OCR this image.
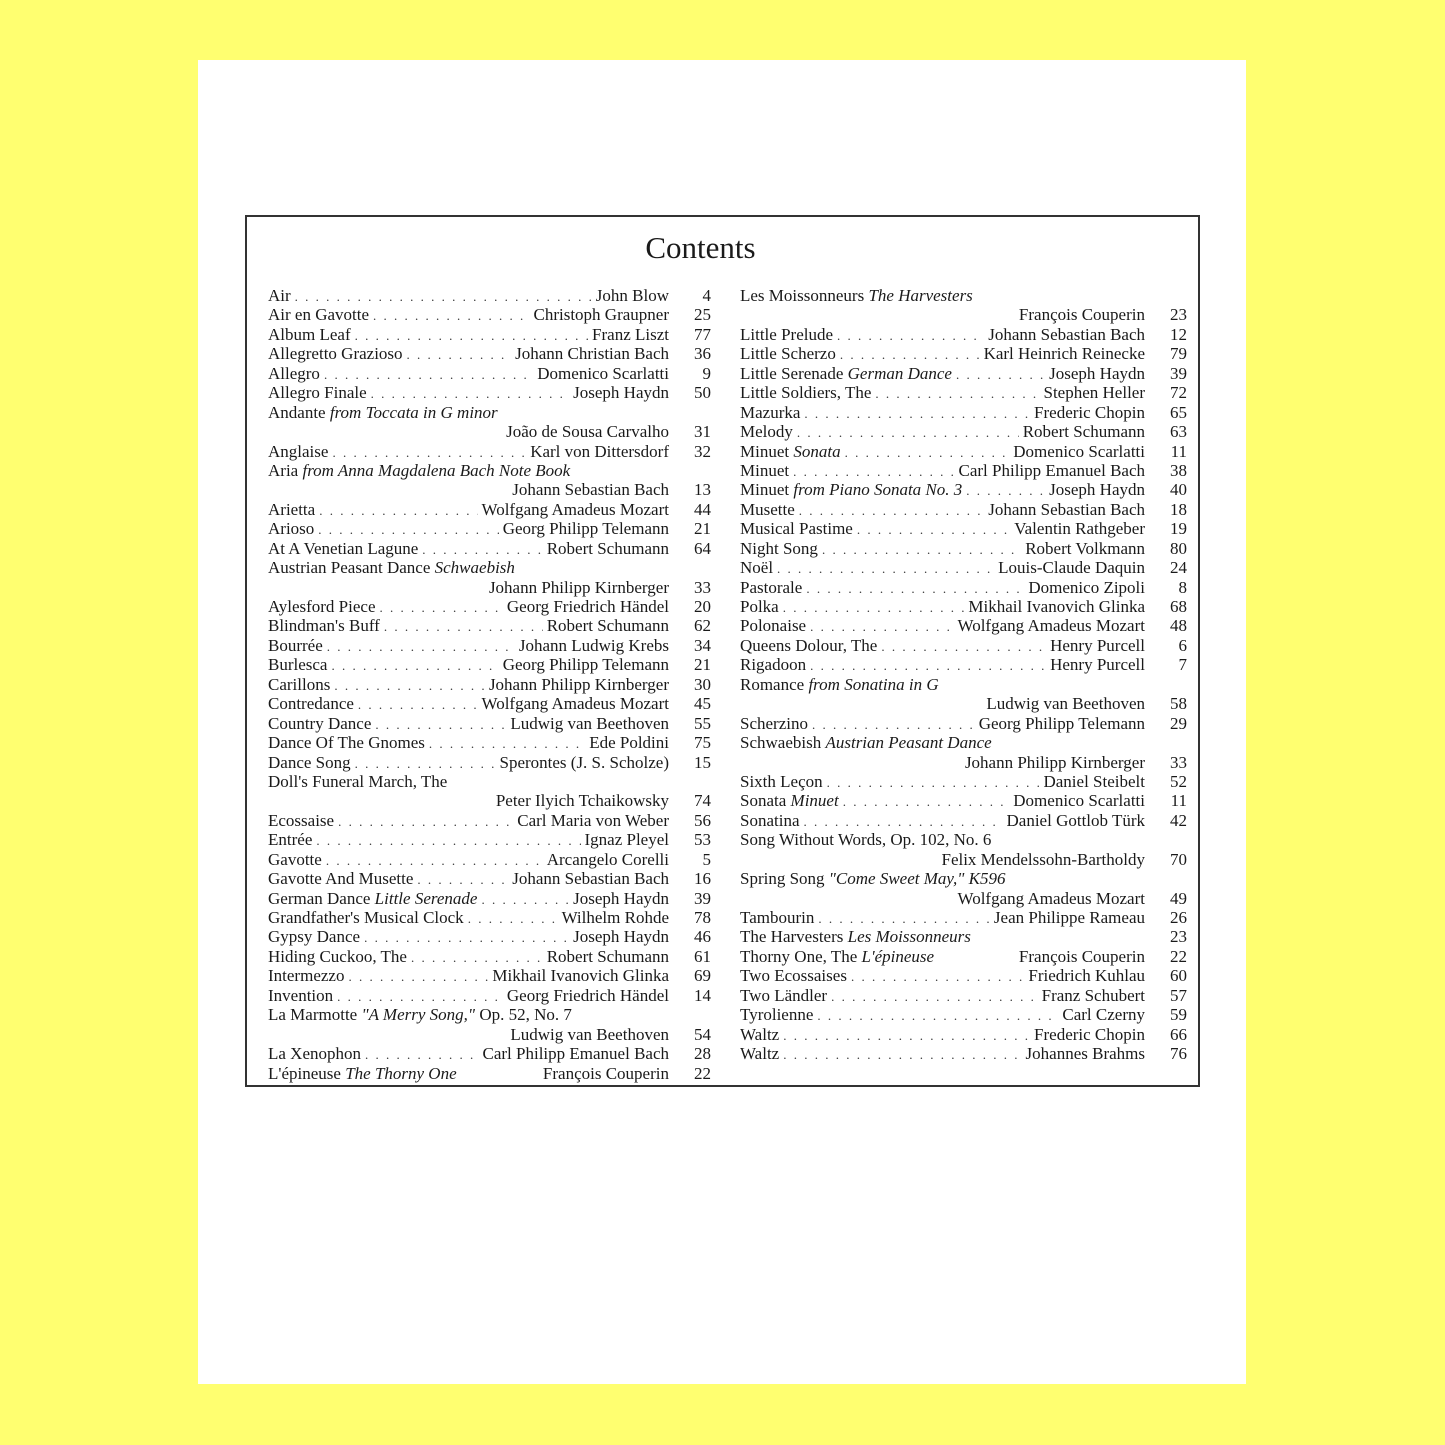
Contents
Air . . .	John Blow	4
Air en Gavotte . . .	Christoph Graupner	25
Album Leaf . . .	Franz Liszt	77
Allegretto Grazioso . . .	Johann Christian Bach	36
Allegro . . .	Domenico Scarlatti	9
Allegro Finale . . .	Joseph Haydn	50
Andante from Toccata in G minor
João de Sousa Carvalho	31
Anglaise . . .	Karl von Dittersdorf	32
Aria from Anna Magdalena Bach Note Book
Johann Sebastian Bach	13
Arietta . . .	Wolfgang Amadeus Mozart	44
Arioso . . .	Georg Philipp Telemann	21
At A Venetian Lagune . . .	Robert Schumann	64
Austrian Peasant Dance Schwaebish
Johann Philipp Kirnberger	33
Aylesford Piece . . .	Georg Friedrich Händel	20
Blindman's Buff . . .	Robert Schumann	62
Bourrée . . .	Johann Ludwig Krebs	34
Burlesca . . .	Georg Philipp Telemann	21
Carillons . . .	Johann Philipp Kirnberger	30
Contredance . . .	Wolfgang Amadeus Mozart	45
Country Dance . . .	Ludwig van Beethoven	55
Dance Of The Gnomes . . .	Ede Poldini	75
Dance Song . . .	Sperontes (J. S. Scholze)	15
Doll's Funeral March, The
Peter Ilyich Tchaikowsky	74
Ecossaise . . .	Carl Maria von Weber	56
Entrée . . .	Ignaz Pleyel	53
Gavotte . . .	Arcangelo Corelli	5
Gavotte And Musette . . .	Johann Sebastian Bach	16
German Dance Little Serenade . . .	Joseph Haydn	39
Grandfather's Musical Clock . . .	Wilhelm Rohde	78
Gypsy Dance . . .	Joseph Haydn	46
Hiding Cuckoo, The . . .	Robert Schumann	61
Intermezzo . . .	Mikhail Ivanovich Glinka	69
Invention . . .	Georg Friedrich Händel	14
La Marmotte "A Merry Song," Op. 52, No. 7
Ludwig van Beethoven	54
La Xenophon . . .	Carl Philipp Emanuel Bach	28
L'épineuse The Thorny One	François Couperin	22
Les Moissonneurs The Harvesters
François Couperin	23
Little Prelude . . .	Johann Sebastian Bach	12
Little Scherzo . . .	Karl Heinrich Reinecke	79
Little Serenade German Dance . . .	Joseph Haydn	39
Little Soldiers, The . . .	Stephen Heller	72
Mazurka . . .	Frederic Chopin	65
Melody . . .	Robert Schumann	63
Minuet Sonata . . .	Domenico Scarlatti	11
Minuet . . .	Carl Philipp Emanuel Bach	38
Minuet from Piano Sonata No. 3 . . .	Joseph Haydn	40
Musette . . .	Johann Sebastian Bach	18
Musical Pastime . . .	Valentin Rathgeber	19
Night Song . . .	Robert Volkmann	80
Noël . . .	Louis-Claude Daquin	24
Pastorale . . .	Domenico Zipoli	8
Polka . . .	Mikhail Ivanovich Glinka	68
Polonaise . . .	Wolfgang Amadeus Mozart	48
Queens Dolour, The . . .	Henry Purcell	6
Rigadoon . . .	Henry Purcell	7
Romance from Sonatina in G
Ludwig van Beethoven	58
Scherzino . . .	Georg Philipp Telemann	29
Schwaebish Austrian Peasant Dance
Johann Philipp Kirnberger	33
Sixth Leçon . . .	Daniel Steibelt	52
Sonata Minuet . . .	Domenico Scarlatti	11
Sonatina . . .	Daniel Gottlob Türk	42
Song Without Words, Op. 102, No. 6
Felix Mendelssohn-Bartholdy	70
Spring Song "Come Sweet May," K596
Wolfgang Amadeus Mozart	49
Tambourin . . .	Jean Philippe Rameau	26
The Harvesters Les Moissonneurs	23
Thorny One, The L'épineuse	François Couperin	22
Two Ecossaises . . .	Friedrich Kuhlau	60
Two Ländler . . .	Franz Schubert	57
Tyrolienne . . .	Carl Czerny	59
Waltz . . .	Frederic Chopin	66
Waltz . . .	Johannes Brahms	76
